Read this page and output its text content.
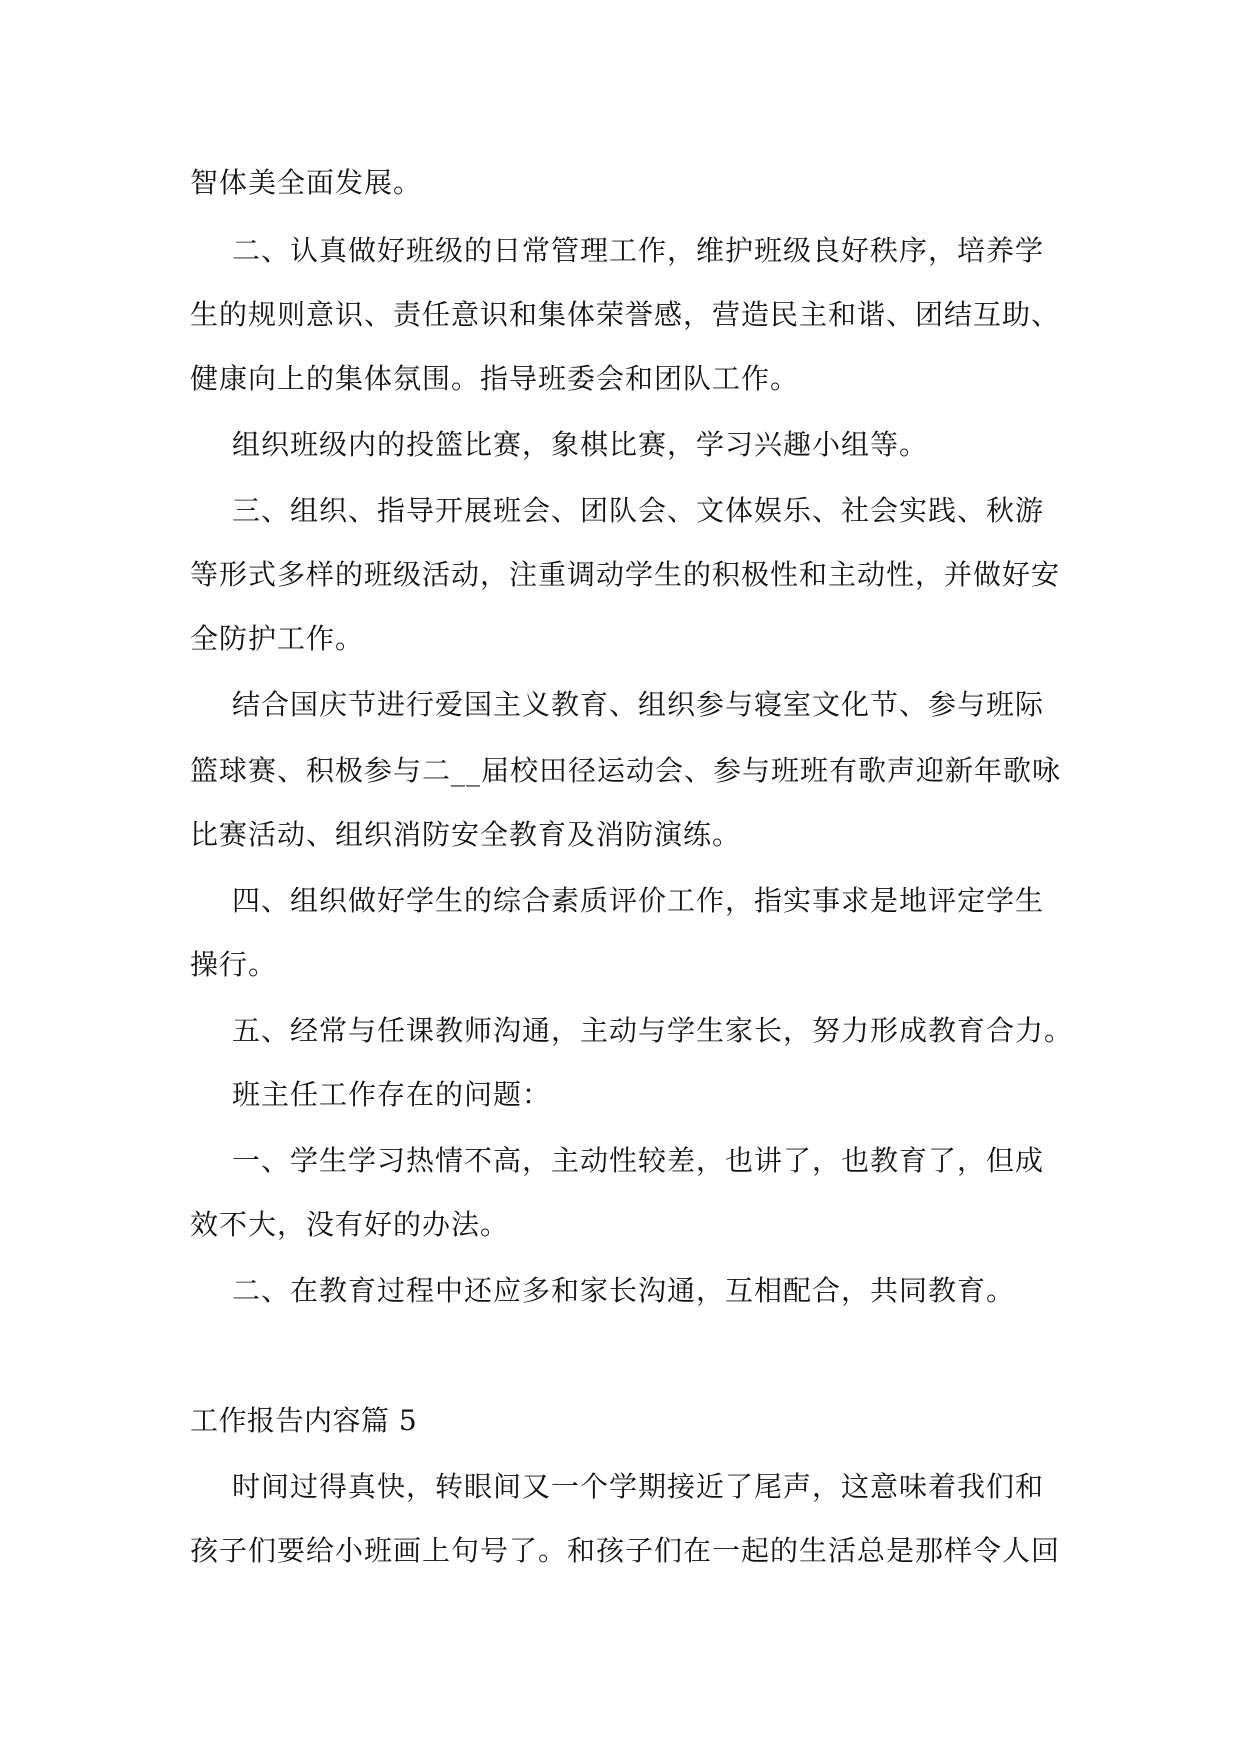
智体美全面发展。
二、认真做好班级的日常管理工作，维护班级良好秩序，培养学
生的规则意识、责任意识和集体荣誉感，营造民主和谐、团结互助、
健康向上的集体氛围。指导班委会和团队工作。
组织班级内的投篮比赛，象棋比赛，学习兴趣小组等。
三、组织、指导开展班会、团队会、文体娱乐、社会实践、秋游
等形式多样的班级活动，注重调动学生的积极性和主动性，并做好安
全防护工作。
结合国庆节进行爱国主义教育、组织参与寝室文化节、参与班际
篮球赛、积极参与二__届校田径运动会、参与班班有歌声迎新年歌咏
比赛活动、组织消防安全教育及消防演练。
四、组织做好学生的综合素质评价工作，指实事求是地评定学生
操行。
五、经常与任课教师沟通，主动与学生家长，努力形成教育合力。
班主任工作存在的问题：
一、学生学习热情不高，主动性较差，也讲了，也教育了，但成
效不大，没有好的办法。
二、在教育过程中还应多和家长沟通，互相配合，共同教育。
工作报告内容篇 5
时间过得真快，转眼间又一个学期接近了尾声，这意味着我们和
孩子们要给小班画上句号了。和孩子们在一起的生活总是那样令人回
